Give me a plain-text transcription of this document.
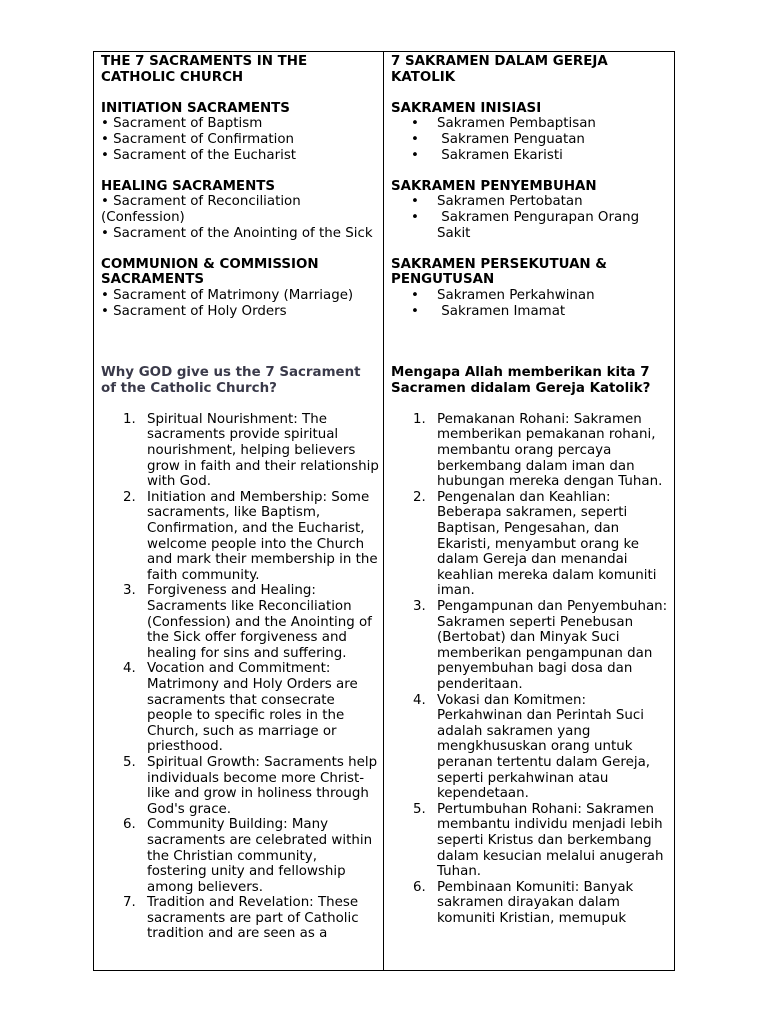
THE 7 SACRAMENTS IN THE

CATHOLIC CHURCH

INITIATION SACRAMENTS

• Sacrament of Baptism

• Sacrament of Confirmation

• Sacrament of the Eucharist

HEALING SACRAMENTS

• Sacrament of Reconciliation (Confession)

• Sacrament of the Anointing of the Sick

COMMUNION & COMMISSION

SACRAMENTS

• Sacrament of Matrimony (Marriage)

• Sacrament of Holy Orders

Why GOD give us the 7 Sacrament of the Catholic Church?

1. Spiritual Nourishment: The sacraments provide spiritual nourishment, helping believers grow in faith and their relationship with God.
2. Initiation and Membership: Some sacraments, like Baptism, Confirmation, and the Eucharist, welcome people into the Church and mark their membership in the faith community.
3. Forgiveness and Healing: Sacraments like Reconciliation (Confession) and the Anointing of the Sick offer forgiveness and healing for sins and suffering.
4. Vocation and Commitment: Matrimony and Holy Orders are sacraments that consecrate people to specific roles in the Church, such as marriage or priesthood.
5. Spiritual Growth: Sacraments help individuals become more Christ-like and grow in holiness through God's grace.
6. Community Building: Many sacraments are celebrated within the Christian community, fostering unity and fellowship among believers.
7. Tradition and Revelation: These sacraments are part of Catholic tradition and are seen as a

7 SAKRAMEN DALAM GEREJA

KATOLIK

SAKRAMEN INISIASI

• Sakramen Pembaptisan
• Sakramen Penguatan
• Sakramen Ekaristi

SAKRAMEN PENYEMBUHAN

• Sakramen Pertobatan
• Sakramen Pengurapan Orang Sakit

SAKRAMEN PERSEKUTUAN &

PENGUTUSAN

• Sakramen Perkahwinan
• Sakramen Imamat

Mengapa Allah memberikan kita 7 Sacramen didalam Gereja Katolik?

1. Pemakanan Rohani: Sakramen memberikan pemakanan rohani, membantu orang percaya berkembang dalam iman dan hubungan mereka dengan Tuhan.
2. Pengenalan dan Keahlian: Beberapa sakramen, seperti Baptisan, Pengesahan, dan Ekaristi, menyambut orang ke dalam Gereja dan menandai keahlian mereka dalam komuniti iman.
3. Pengampunan dan Penyembuhan: Sakramen seperti Penebusan (Bertobat) dan Minyak Suci memberikan pengampunan dan penyembuhan bagi dosa dan penderitaan.
4. Vokasi dan Komitmen: Perkahwinan dan Perintah Suci adalah sakramen yang mengkhususkan orang untuk peranan tertentu dalam Gereja, seperti perkahwinan atau kependetaan.
5. Pertumbuhan Rohani: Sakramen membantu individu menjadi lebih seperti Kristus dan berkembang dalam kesucian melalui anugerah Tuhan.
6. Pembinaan Komuniti: Banyak sakramen dirayakan dalam komuniti Kristian, memupuk
